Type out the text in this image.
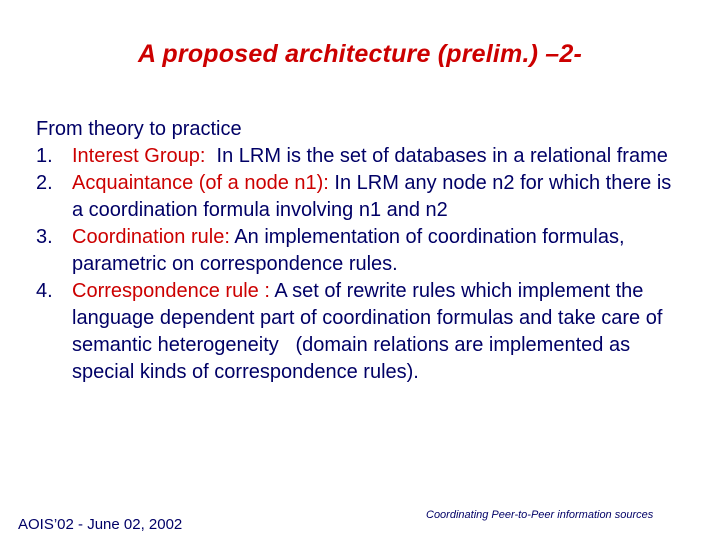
A proposed architecture (prelim.) –2-
From theory to practice
1. Interest Group:  In LRM is the set of databases in a relational frame
2. Acquaintance (of a node n1): In LRM any node n2 for which there is a coordination formula involving n1 and n2
3. Coordination rule: An implementation of coordination formulas, parametric on correspondence rules.
4. Correspondence rule : A set of rewrite rules which implement the language dependent part of coordination formulas and take care of semantic heterogeneity   (domain relations are implemented as special kinds of correspondence rules).
AOIS’02 - June 02, 2002
Coordinating Peer-to-Peer information sources
